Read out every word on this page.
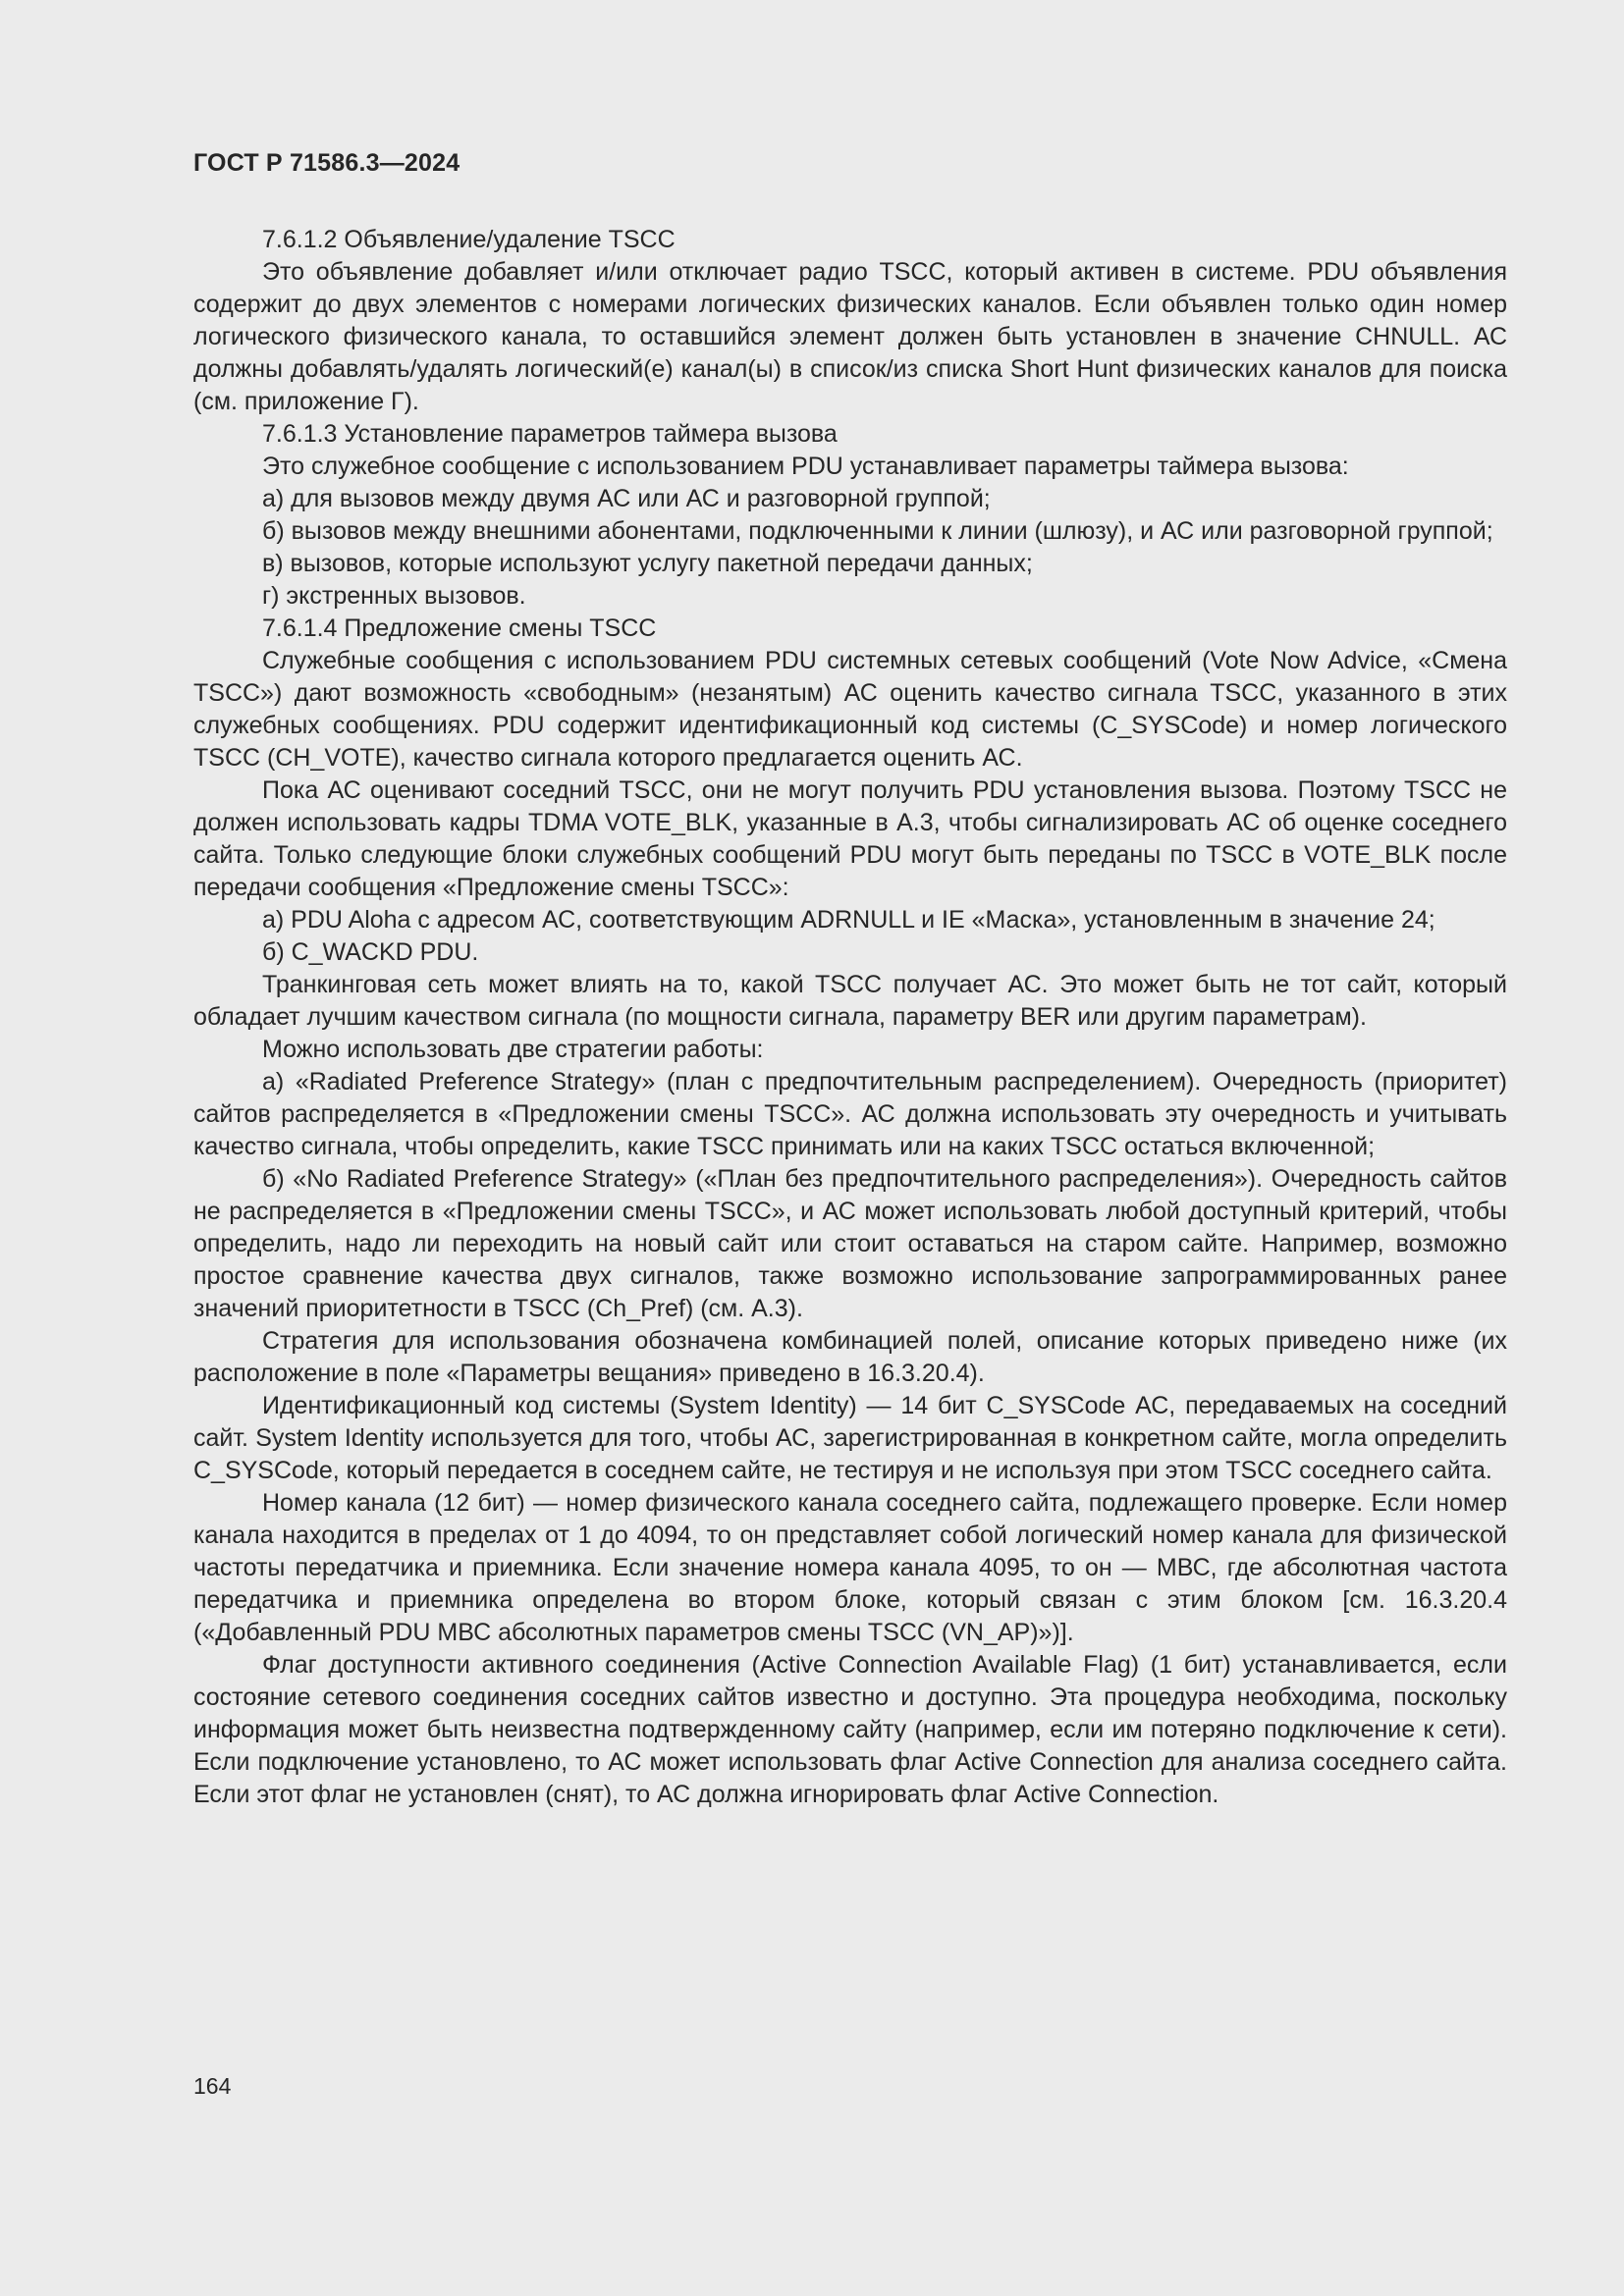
ГОСТ Р 71586.3—2024

7.6.1.2 Объявление/удаление TSCC

Это объявление добавляет и/или отключает радио TSCC, который активен в системе. PDU объявления содержит до двух элементов с номерами логических физических каналов. Если объявлен только один номер логического физического канала, то оставшийся элемент должен быть установлен в значение CHNULL. АС должны добавлять/удалять логический(е) канал(ы) в список/из списка Short Hunt физических каналов для поиска (см. приложение Г).

7.6.1.3 Установление параметров таймера вызова

Это служебное сообщение с использованием PDU устанавливает параметры таймера вызова:

а) для вызовов между двумя АС или АС и разговорной группой;

б) вызовов между внешними абонентами, подключенными к линии (шлюзу), и АС или разговорной группой;

в) вызовов, которые используют услугу пакетной передачи данных;

г) экстренных вызовов.

7.6.1.4 Предложение смены TSCC

Служебные сообщения с использованием PDU системных сетевых сообщений (Vote Now Advice, «Смена TSCC») дают возможность «свободным» (незанятым) АС оценить качество сигнала TSCC, указанного в этих служебных сообщениях. PDU содержит идентификационный код системы (C_SYSCode) и номер логического TSCC (CH_VOTE), качество сигнала которого предлагается оценить АС.

Пока АС оценивают соседний TSCC, они не могут получить PDU установления вызова. Поэтому TSCC не должен использовать кадры TDMA VOTE_BLK, указанные в А.3, чтобы сигнализировать АС об оценке соседнего сайта. Только следующие блоки служебных сообщений PDU могут быть переданы по TSCC в VOTE_BLK после передачи сообщения «Предложение смены TSCC»:

а) PDU Aloha с адресом АС, соответствующим ADRNULL и IE «Маска», установленным в значение 24;

б) C_WACKD PDU.

Транкинговая сеть может влиять на то, какой TSCC получает АС. Это может быть не тот сайт, который обладает лучшим качеством сигнала (по мощности сигнала, параметру BER или другим параметрам).

Можно использовать две стратегии работы:

а) «Radiated Preference Strategy» (план с предпочтительным распределением). Очередность (приоритет) сайтов распределяется в «Предложении смены TSCC». АС должна использовать эту очередность и учитывать качество сигнала, чтобы определить, какие TSCC принимать или на каких TSCC остаться включенной;

б) «No Radiated Preference Strategy» («План без предпочтительного распределения»). Очередность сайтов не распределяется в «Предложении смены TSCC», и АС может использовать любой доступный критерий, чтобы определить, надо ли переходить на новый сайт или стоит оставаться на старом сайте. Например, возможно простое сравнение качества двух сигналов, также возможно использование запрограммированных ранее значений приоритетности в TSCC (Ch_Pref) (см. А.3).

Стратегия для использования обозначена комбинацией полей, описание которых приведено ниже (их расположение в поле «Параметры вещания» приведено в 16.3.20.4).

Идентификационный код системы (System Identity) — 14 бит C_SYSCode АС, передаваемых на соседний сайт. System Identity используется для того, чтобы АС, зарегистрированная в конкретном сайте, могла определить C_SYSCode, который передается в соседнем сайте, не тестируя и не используя при этом TSCC соседнего сайта.

Номер канала (12 бит) — номер физического канала соседнего сайта, подлежащего проверке. Если номер канала находится в пределах от 1 до 4094, то он представляет собой логический номер канала для физической частоты передатчика и приемника. Если значение номера канала 4095, то он — МВС, где абсолютная частота передатчика и приемника определена во втором блоке, который связан с этим блоком [см. 16.3.20.4 («Добавленный PDU МВС абсолютных параметров смены TSCC (VN_AP)»)].

Флаг доступности активного соединения (Active Connection Available Flag) (1 бит) устанавливается, если состояние сетевого соединения соседних сайтов известно и доступно. Эта процедура необходима, поскольку информация может быть неизвестна подтвержденному сайту (например, если им потеряно подключение к сети). Если подключение установлено, то АС может использовать флаг Active Connection для анализа соседнего сайта. Если этот флаг не установлен (снят), то АС должна игнорировать флаг Active Connection.

164
